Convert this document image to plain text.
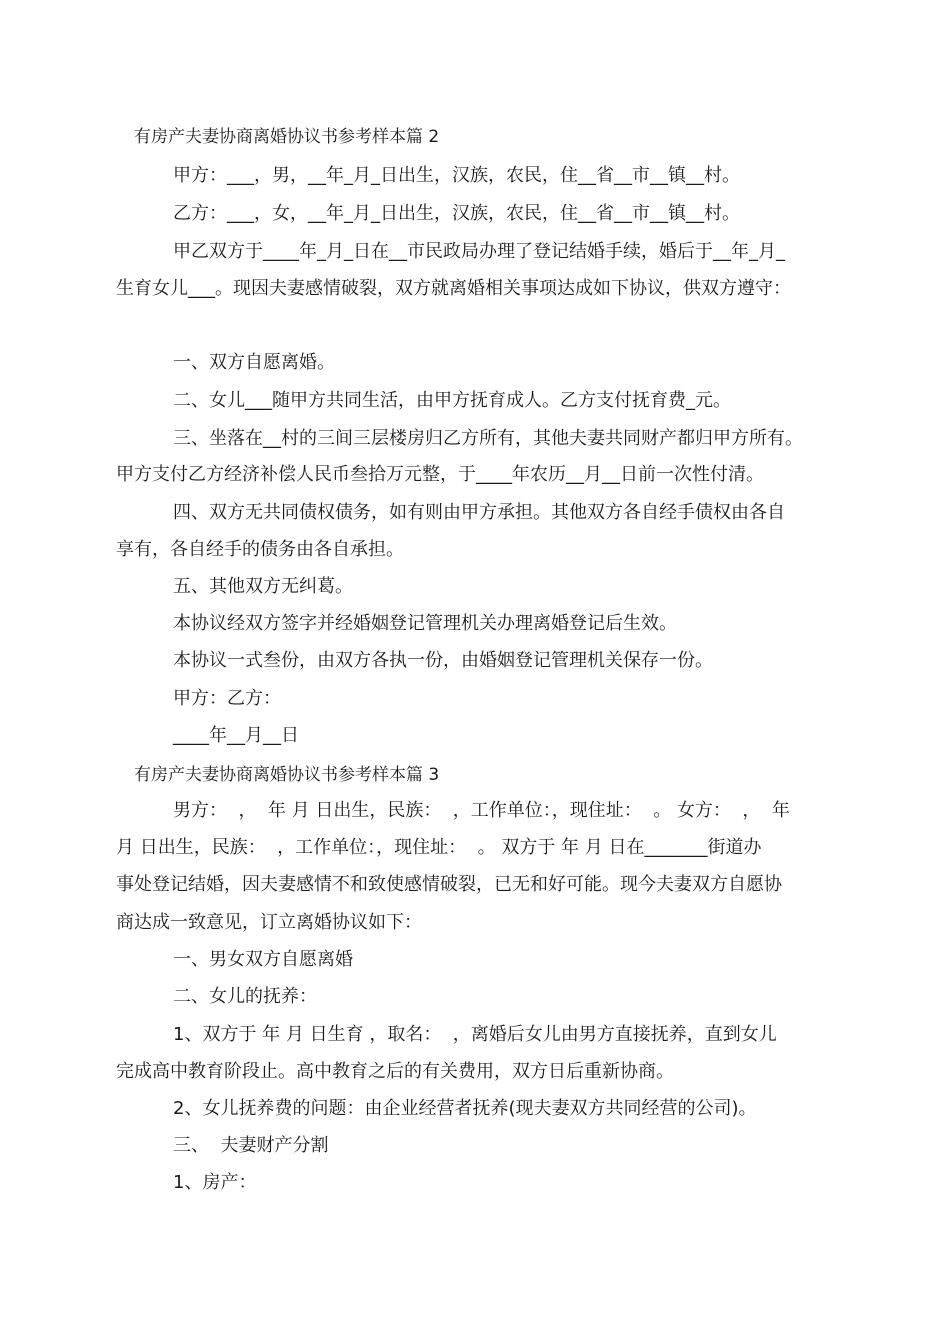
有房产夫妻协商离婚协议书参考样本篇 2

甲方：___，男，__年_月_日出生，汉族，农民，住__省__市__镇__村。

乙方：___，女，__年_月_日出生，汉族，农民，住__省__市__镇__村。

甲乙双方于____年_月_日在__市民政局办理了登记结婚手续，婚后于__年_月_

生育女儿___。现因夫妻感情破裂，双方就离婚相关事项达成如下协议，供双方遵守：

一、双方自愿离婚。

二、女儿___随甲方共同生活，由甲方抚育成人。乙方支付抚育费_元。

三、坐落在__村的三间三层楼房归乙方所有，其他夫妻共同财产都归甲方所有。

甲方支付乙方经济补偿人民币叁拾万元整，于____年农历__月__日前一次性付清。

四、双方无共同债权债务，如有则由甲方承担。其他双方各自经手债权由各自

享有，各自经手的债务由各自承担。

五、其他双方无纠葛。

本协议经双方签字并经婚姻登记管理机关办理离婚登记后生效。

本协议一式叁份，由双方各执一份，由婚姻登记管理机关保存一份。

甲方：乙方：

____年__月__日

有房产夫妻协商离婚协议书参考样本篇 3

男方：  ，  年 月 日出生，民族：  ，工作单位：，现住址：  。 女方：  ，  年

月 日出生，民族：  ，工作单位：，现住址：  。 双方于 年 月 日在_______街道办

事处登记结婚，因夫妻感情不和致使感情破裂，已无和好可能。现今夫妻双方自愿协

商达成一致意见，订立离婚协议如下：

一、男女双方自愿离婚

二、女儿的抚养：

1、双方于 年 月 日生育 ，取名：  ，离婚后女儿由男方直接抚养，直到女儿

完成高中教育阶段止。高中教育之后的有关费用，双方日后重新协商。

2、女儿抚养费的问题：由企业经营者抚养(现夫妻双方共同经营的公司)。

三、  夫妻财产分割

1、房产：
